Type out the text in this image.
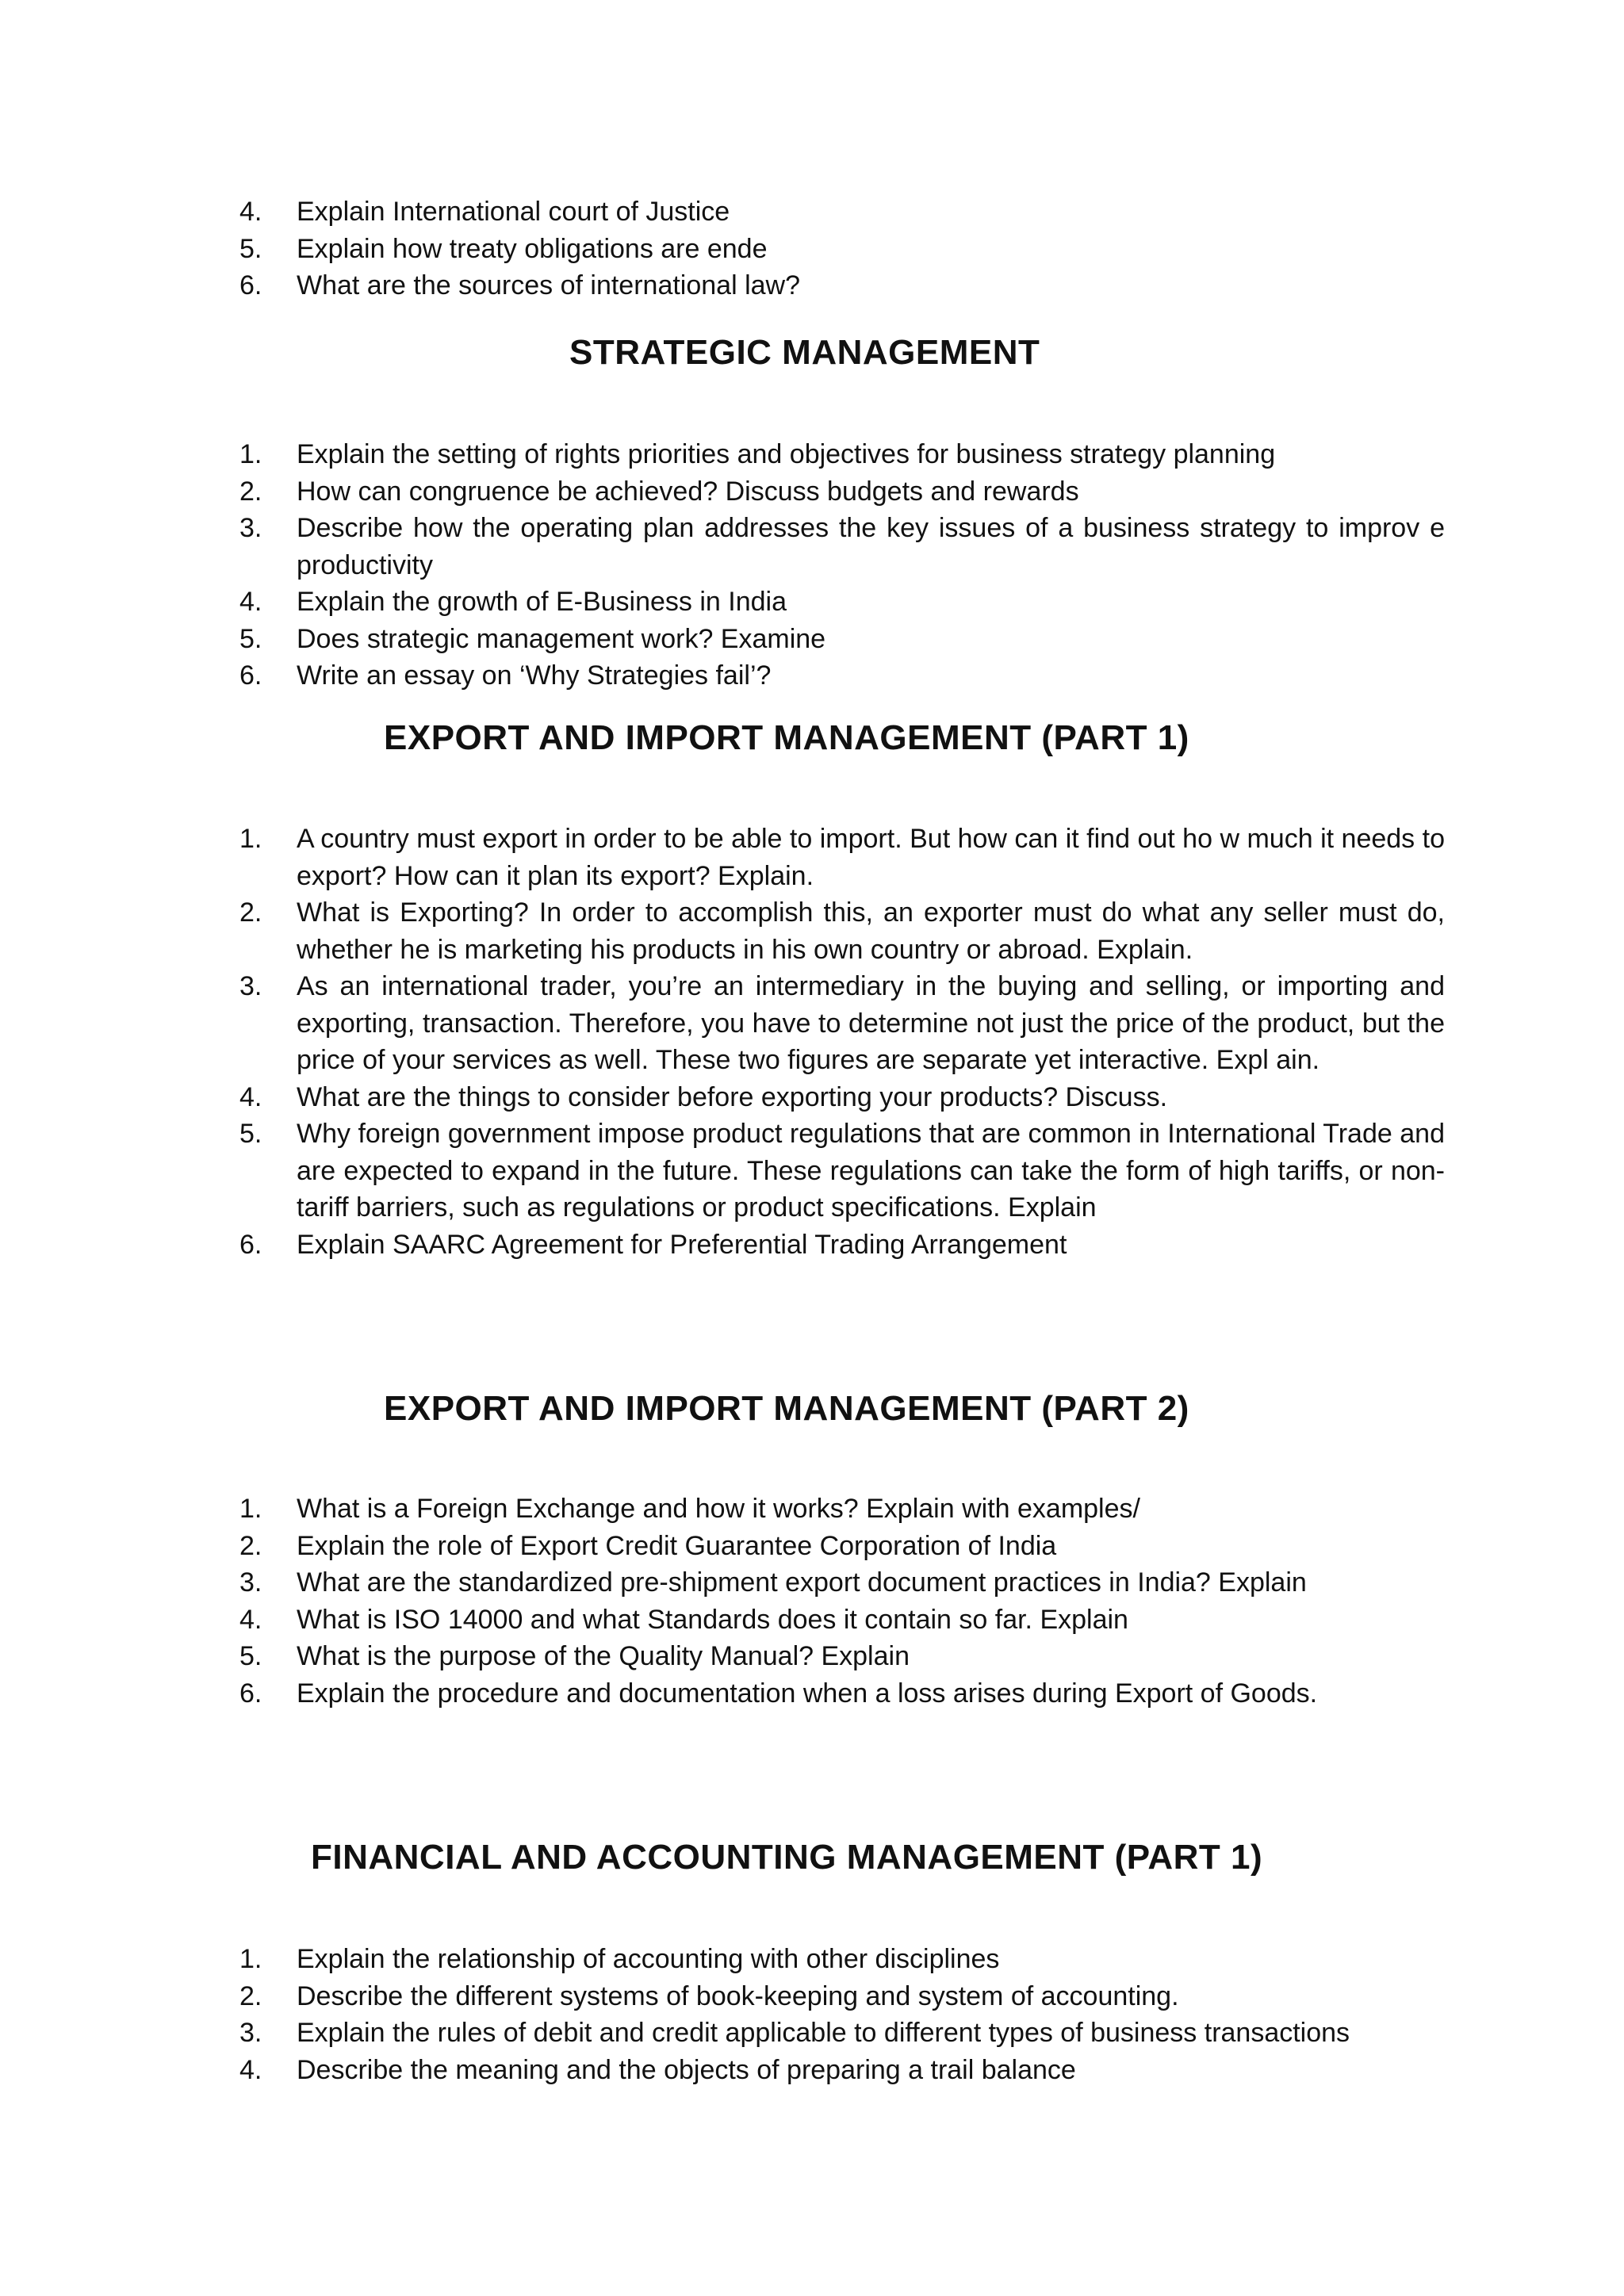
4.	Explain International court of Justice
5.	Explain how treaty obligations are ende
6.	What are the sources of international law?
STRATEGIC MANAGEMENT
1.	Explain the setting of rights priorities and objectives for business strategy planning
2.	How can congruence be achieved? Discuss budgets and rewards
3.	Describe how the operating plan addresses the key issues of a business strategy to improv e productivity
4.	Explain the growth of E-Business in India
5.	Does strategic management work? Examine
6.	Write an essay on ‘Why Strategies fail’?
EXPORT AND IMPORT MANAGEMENT (PART 1)
1.	A country must export in order to be able to import. But how can it find out ho w much it needs to export? How can it plan its export? Explain.
2.	What is Exporting? In order to accomplish this, an exporter must do what any seller must do, whether he is marketing his products in his own country or abroad. Explain.
3.	As an international trader, you’re an intermediary in the buying and selling, or importing and exporting, transaction. Therefore, you have to determine not just the price of the product, but the price of your services as well. These two figures are separate yet interactive. Expl ain.
4.	What are the things to consider before exporting your products? Discuss.
5.	Why foreign government impose product regulations that are common in International Trade and are expected to expand in the future. These regulations can take the form of high tariffs, or non-tariff barriers, such as regulations or product specifications. Explain
6.	Explain SAARC Agreement for Preferential Trading Arrangement
EXPORT AND IMPORT MANAGEMENT (PART 2)
1.	What is a Foreign Exchange and how it works? Explain with examples/
2.	Explain the role of Export Credit Guarantee Corporation of India
3.	What are the standardized pre-shipment export document practices in India? Explain
4.	What is ISO 14000 and what Standards does it contain so far. Explain
5.	What is the purpose of the Quality Manual? Explain
6.	Explain the procedure and documentation when a loss arises during Export of Goods.
FINANCIAL AND ACCOUNTING MANAGEMENT (PART 1)
1.	Explain the relationship of accounting with other disciplines
2.	Describe the different systems of book-keeping and system of accounting.
3.	Explain the rules of debit and credit applicable to different types of business transactions
4.	Describe the meaning and the objects of preparing a trail balance
